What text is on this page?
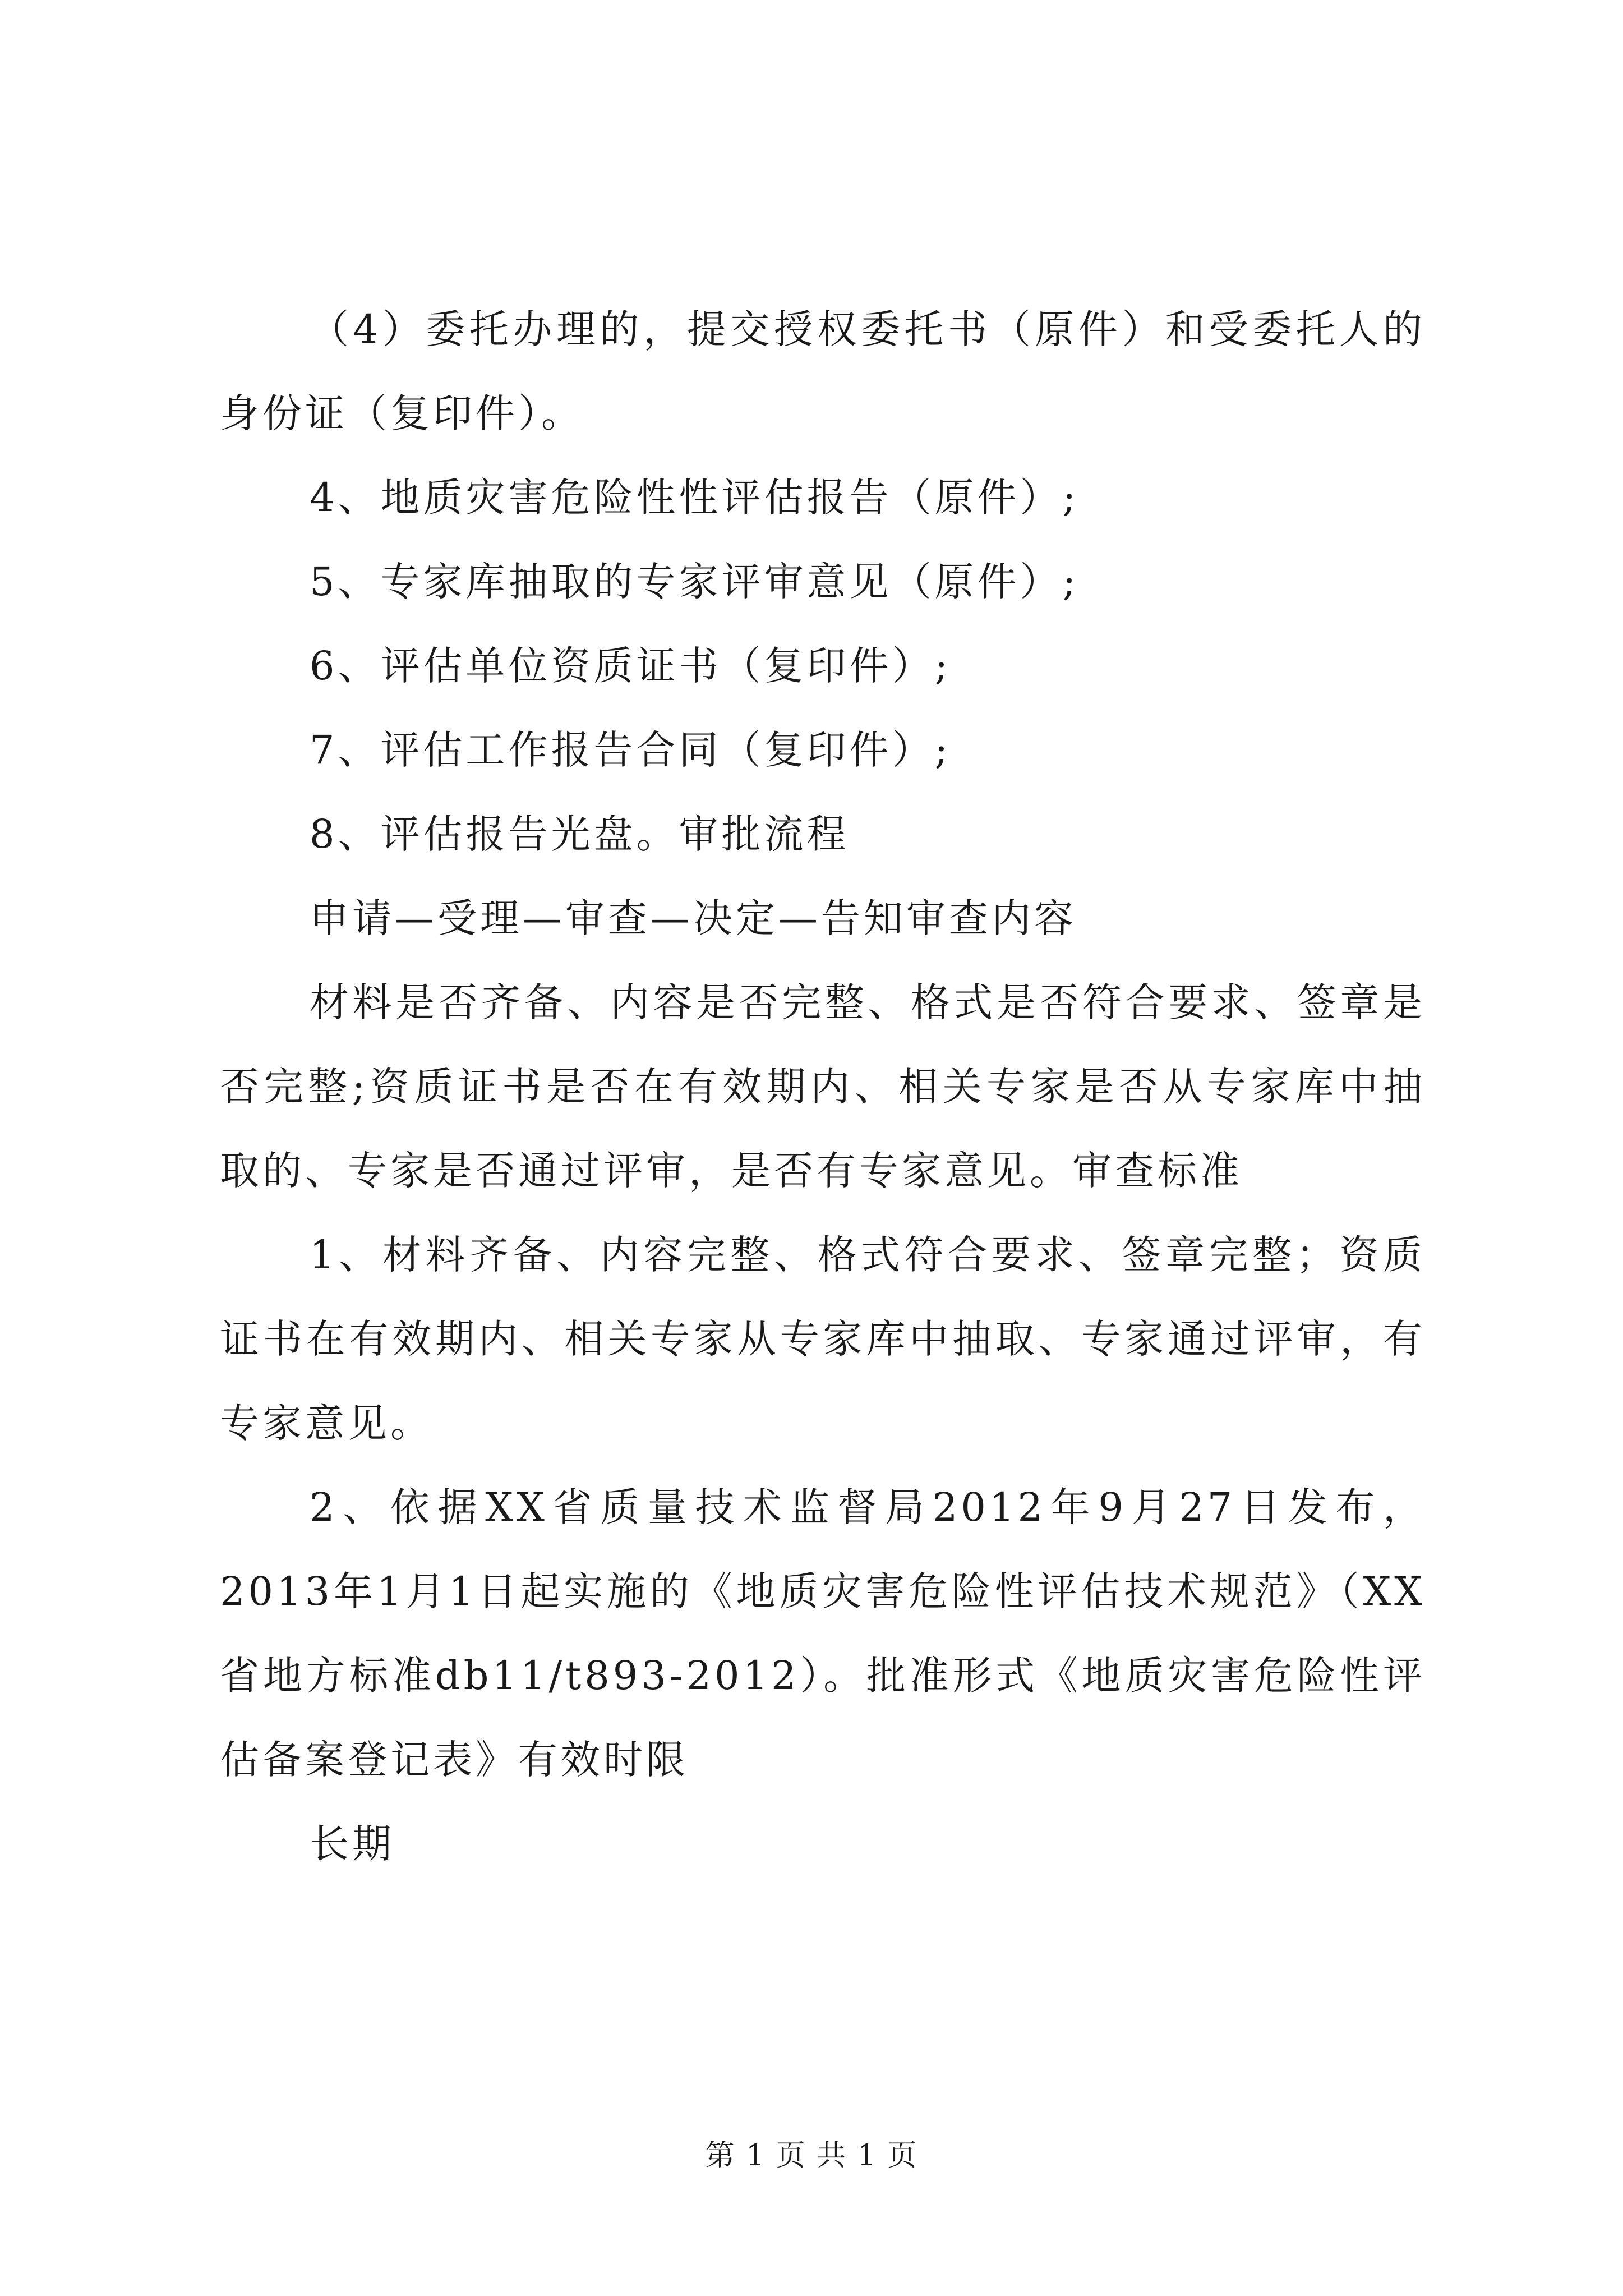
（4）委托办理的，提交授权委托书（原件）和受委托人的身份证（复印件）。

4、地质灾害危险性性评估报告（原件）;

5、专家库抽取的专家评审意见（原件）;

6、评估单位资质证书（复印件）;

7、评估工作报告合同（复印件）;

8、评估报告光盘。审批流程

申请—受理—审查—决定—告知审查内容

材料是否齐备、内容是否完整、格式是否符合要求、签章是否完整;资质证书是否在有效期内、相关专家是否从专家库中抽取的、专家是否通过评审，是否有专家意见。审查标准

1、材料齐备、内容完整、格式符合要求、签章完整；资质证书在有效期内、相关专家从专家库中抽取、专家通过评审，有专家意见。

2、依据XX省质量技术监督局2012年9月27日发布，2013年1月1日起实施的《地质灾害危险性评估技术规范》（XX省地方标准db11/t893-2012）。批准形式《地质灾害危险性评估备案登记表》有效时限

长期

第 1 页 共 1 页
